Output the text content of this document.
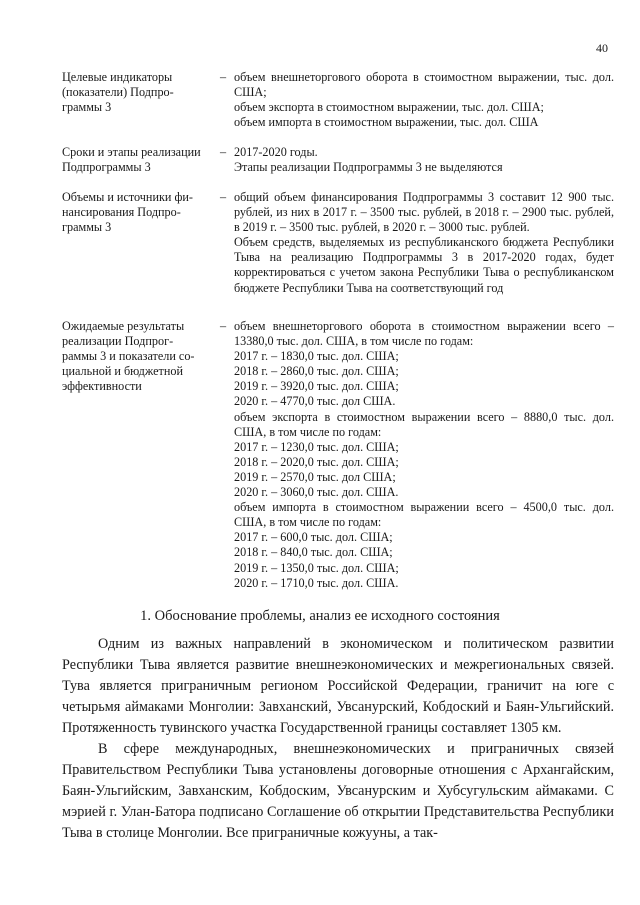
40
Целевые индикаторы
(показатели) Подпро-
граммы 3
– объем внешнеторгового оборота в стоимостном выражении, тыс. дол. США;

объем экспорта в стоимостном выражении, тыс. дол. США;

объем импорта в стоимостном выражении, тыс. дол. США

Сроки и этапы реализации
Подпрограммы 3
– 2017-2020 годы.

Этапы реализации Подпрограммы 3 не выделяются

Объемы и источники фи-
нансирования Подпро-
граммы 3
– общий объем финансирования Подпрограммы 3 составит 12 900 тыс. рублей, из них в 2017 г. – 3500 тыс. рублей, в 2018 г. – 2900 тыс. рублей, в 2019 г. – 3500 тыс. рублей, в 2020 г. – 3000 тыс. рублей.

Объем средств, выделяемых из республиканского бюджета Республики Тыва на реализацию Подпрограммы 3 в 2017-2020 годах, будет корректироваться с учетом закона Республики Тыва о республиканском бюджете Республики Тыва на соответствующий год

Ожидаемые результаты
реализации Подпрог-
раммы 3 и показатели со-
циальной и бюджетной
эффективности
– объем внешнеторгового оборота в стоимостном выражении всего – 13380,0 тыс. дол. США, в том числе по годам:

2017 г. – 1830,0 тыс. дол. США;

2018 г. – 2860,0 тыс. дол. США;

2019 г. – 3920,0 тыс. дол. США;

2020 г. – 4770,0 тыс. дол США.

объем экспорта в стоимостном выражении всего – 8880,0 тыс. дол. США, в том числе по годам:

2017 г. – 1230,0 тыс. дол. США;

2018 г. – 2020,0 тыс. дол. США;

2019 г. – 2570,0 тыс. дол США;

2020 г. – 3060,0 тыс. дол. США.

объем импорта в стоимостном выражении всего – 4500,0 тыс. дол. США, в том числе по годам:

2017 г. – 600,0 тыс. дол. США;

2018 г. – 840,0 тыс. дол. США;

2019 г. – 1350,0 тыс. дол. США;

2020 г. – 1710,0 тыс. дол. США.

1. Обоснование проблемы, анализ ее исходного состояния

Одним из важных направлений в экономическом и политическом развитии Республики Тыва является развитие внешнеэкономических и межрегиональных связей. Тува является приграничным регионом Российской Федерации, граничит на юге с четырьмя аймаками Монголии: Завханский, Увсанурский, Кобдоский и Баян-Ульгийский. Протяженность тувинского участка Государственной границы составляет 1305 км.

В сфере международных, внешнеэкономических и приграничных связей Правительством Республики Тыва установлены договорные отношения с Архангайским, Баян-Ульгийским, Завханским, Кобдоским, Увсанурским и Хубсугульским аймаками. С мэрией г. Улан-Батора подписано Соглашение об открытии Представительства Республики Тыва в столице Монголии. Все приграничные кожууны, а так-
